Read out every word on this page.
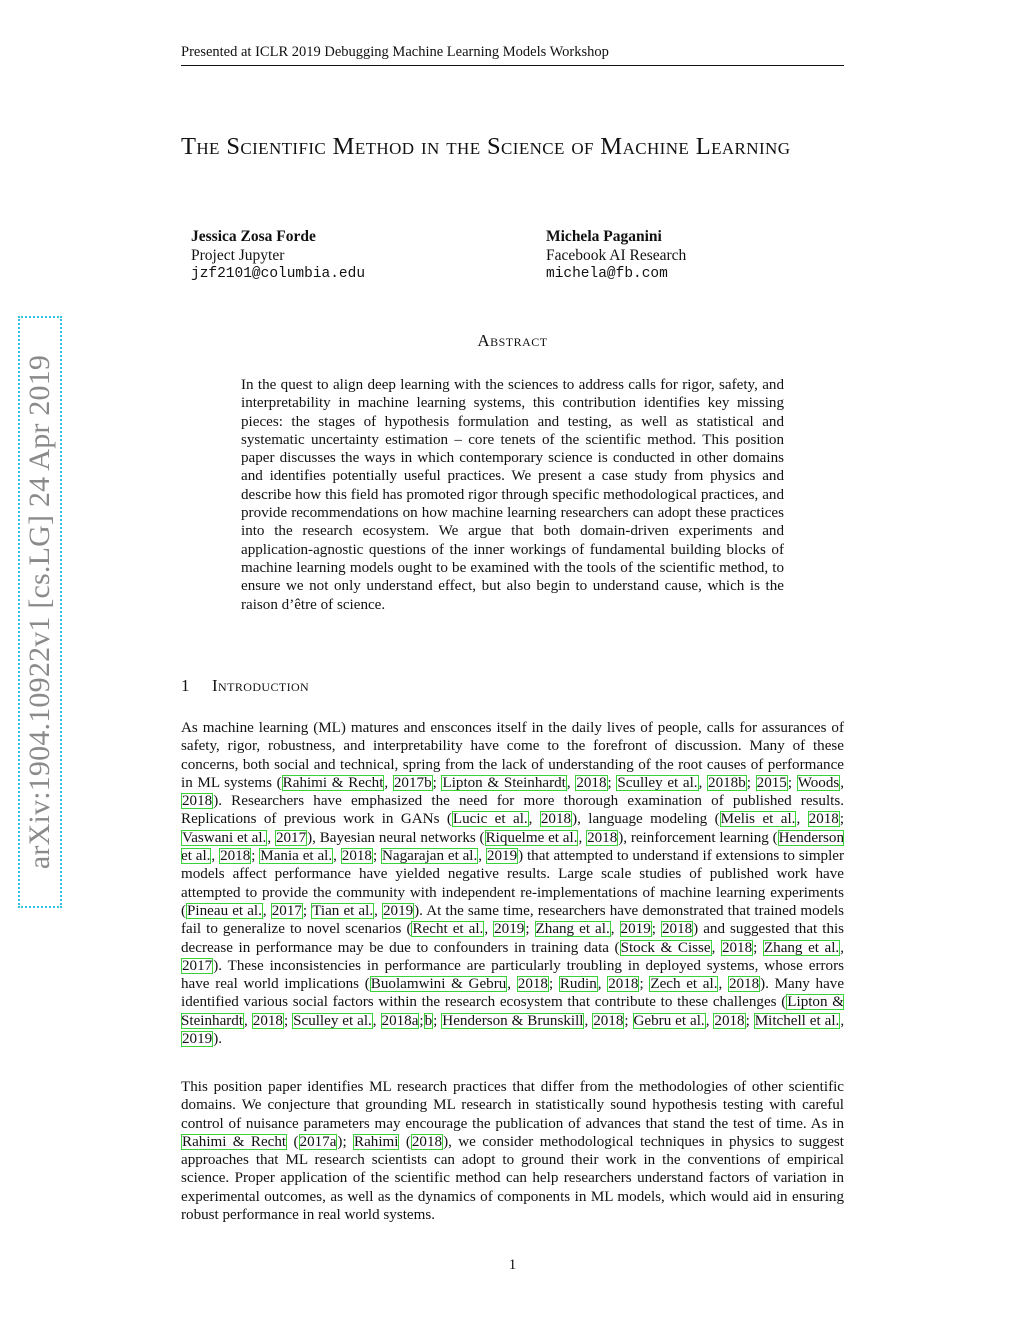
Presented at ICLR 2019 Debugging Machine Learning Models Workshop
arXiv:1904.10922v1 [cs.LG] 24 Apr 2019
The Scientific Method in the Science of Machine Learning
Jessica Zosa Forde
Project Jupyter
jzf2101@columbia.edu
Michela Paganini
Facebook AI Research
michela@fb.com
Abstract
In the quest to align deep learning with the sciences to address calls for rigor, safety, and interpretability in machine learning systems, this contribution identifies key missing pieces: the stages of hypothesis formulation and testing, as well as statistical and systematic uncertainty estimation – core tenets of the scientific method. This position paper discusses the ways in which contemporary science is conducted in other domains and identifies potentially useful practices. We present a case study from physics and describe how this field has promoted rigor through specific methodological practices, and provide recommendations on how machine learning researchers can adopt these practices into the research ecosystem. We argue that both domain-driven experiments and application-agnostic questions of the inner workings of fundamental building blocks of machine learning models ought to be examined with the tools of the scientific method, to ensure we not only understand effect, but also begin to understand cause, which is the raison d’être of science.
1 Introduction
As machine learning (ML) matures and ensconces itself in the daily lives of people, calls for assurances of safety, rigor, robustness, and interpretability have come to the forefront of discussion. Many of these concerns, both social and technical, spring from the lack of understanding of the root causes of performance in ML systems (Rahimi & Recht, 2017b; Lipton & Steinhardt, 2018; Sculley et al., 2018b; 2015; Woods, 2018). Researchers have emphasized the need for more thorough examination of published results. Replications of previous work in GANs (Lucic et al., 2018), language modeling (Melis et al., 2018; Vaswani et al., 2017), Bayesian neural networks (Riquelme et al., 2018), reinforcement learning (Henderson et al., 2018; Mania et al., 2018; Nagarajan et al., 2019) that attempted to understand if extensions to simpler models affect performance have yielded negative results. Large scale studies of published work have attempted to provide the community with independent re-implementations of machine learning experiments (Pineau et al., 2017; Tian et al., 2019). At the same time, researchers have demonstrated that trained models fail to generalize to novel scenarios (Recht et al., 2019; Zhang et al., 2019; 2018) and suggested that this decrease in performance may be due to confounders in training data (Stock & Cisse, 2018; Zhang et al., 2017). These inconsistencies in performance are particularly troubling in deployed systems, whose errors have real world implications (Buolamwini & Gebru, 2018; Rudin, 2018; Zech et al., 2018). Many have identified various social factors within the research ecosystem that contribute to these challenges (Lipton & Steinhardt, 2018; Sculley et al., 2018a;b; Henderson & Brunskill, 2018; Gebru et al., 2018; Mitchell et al., 2019).
This position paper identifies ML research practices that differ from the methodologies of other scientific domains. We conjecture that grounding ML research in statistically sound hypothesis testing with careful control of nuisance parameters may encourage the publication of advances that stand the test of time. As in Rahimi & Recht (2017a); Rahimi (2018), we consider methodological techniques in physics to suggest approaches that ML research scientists can adopt to ground their work in the conventions of empirical science. Proper application of the scientific method can help researchers understand factors of variation in experimental outcomes, as well as the dynamics of components in ML models, which would aid in ensuring robust performance in real world systems.
1
